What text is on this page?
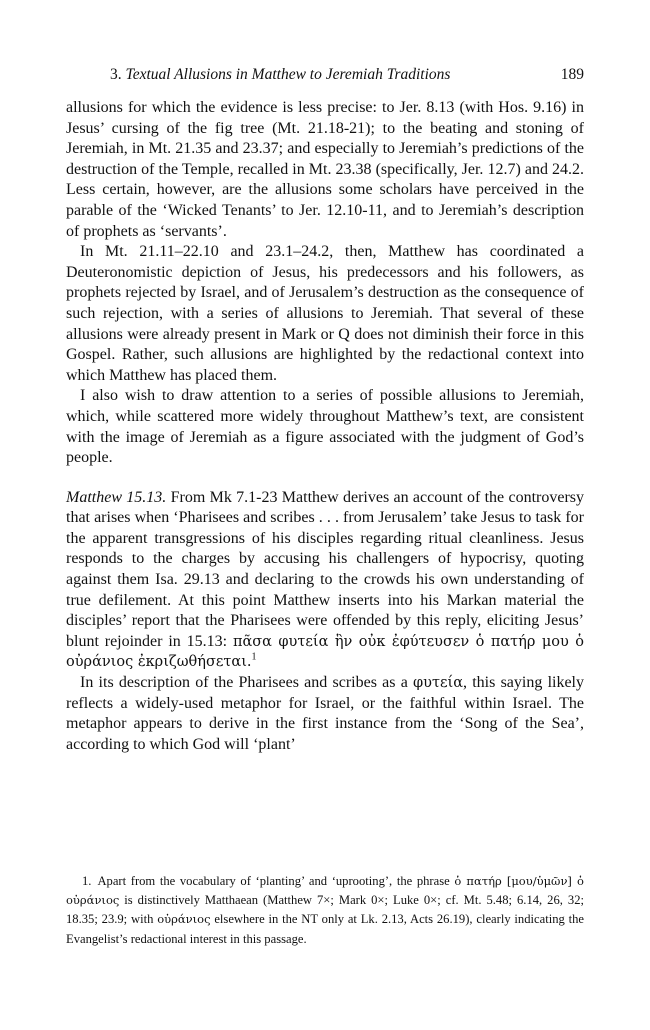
3. Textual Allusions in Matthew to Jeremiah Traditions	189

allusions for which the evidence is less precise: to Jer. 8.13 (with Hos. 9.16) in Jesus’ cursing of the fig tree (Mt. 21.18-21); to the beating and stoning of Jeremiah, in Mt. 21.35 and 23.37; and especially to Jeremiah’s predictions of the destruction of the Temple, recalled in Mt. 23.38 (specifically, Jer. 12.7) and 24.2. Less certain, however, are the allusions some scholars have perceived in the parable of the ‘Wicked Tenants’ to Jer. 12.10-11, and to Jeremiah’s description of prophets as ‘servants’.

In Mt. 21.11–22.10 and 23.1–24.2, then, Matthew has coordinated a Deuteronomistic depiction of Jesus, his predecessors and his followers, as prophets rejected by Israel, and of Jerusalem’s destruction as the consequence of such rejection, with a series of allusions to Jeremiah. That several of these allusions were already present in Mark or Q does not diminish their force in this Gospel. Rather, such allusions are highlighted by the redactional context into which Matthew has placed them.

I also wish to draw attention to a series of possible allusions to Jeremiah, which, while scattered more widely throughout Matthew’s text, are consistent with the image of Jeremiah as a figure associated with the judgment of God’s people.

Matthew 15.13. From Mk 7.1-23 Matthew derives an account of the controversy that arises when ‘Pharisees and scribes . . . from Jerusalem’ take Jesus to task for the apparent transgressions of his disciples regarding ritual cleanliness. Jesus responds to the charges by accusing his challengers of hypocrisy, quoting against them Isa. 29.13 and declaring to the crowds his own understanding of true defilement. At this point Matthew inserts into his Markan material the disciples’ report that the Pharisees were offended by this reply, eliciting Jesus’ blunt rejoinder in 15.13: πᾶσα φυτεία ἣν οὐκ ἐφύτευσεν ὁ πατήρ μου ὁ οὐράνιος ἐκριζωθήσεται.$^1$

In its description of the Pharisees and scribes as a φυτεία, this saying likely reflects a widely-used metaphor for Israel, or the faithful within Israel. The metaphor appears to derive in the first instance from the ‘Song of the Sea’, according to which God will ‘plant’

1. Apart from the vocabulary of ‘planting’ and ‘uprooting’, the phrase ὁ πατήρ [μου/ὑμῶν] ὁ οὐράνιος is distinctively Matthaean (Matthew 7×; Mark 0×; Luke 0×; cf. Mt. 5.48; 6.14, 26, 32; 18.35; 23.9; with οὐράνιος elsewhere in the NT only at Lk. 2.13, Acts 26.19), clearly indicating the Evangelist’s redactional interest in this passage.
